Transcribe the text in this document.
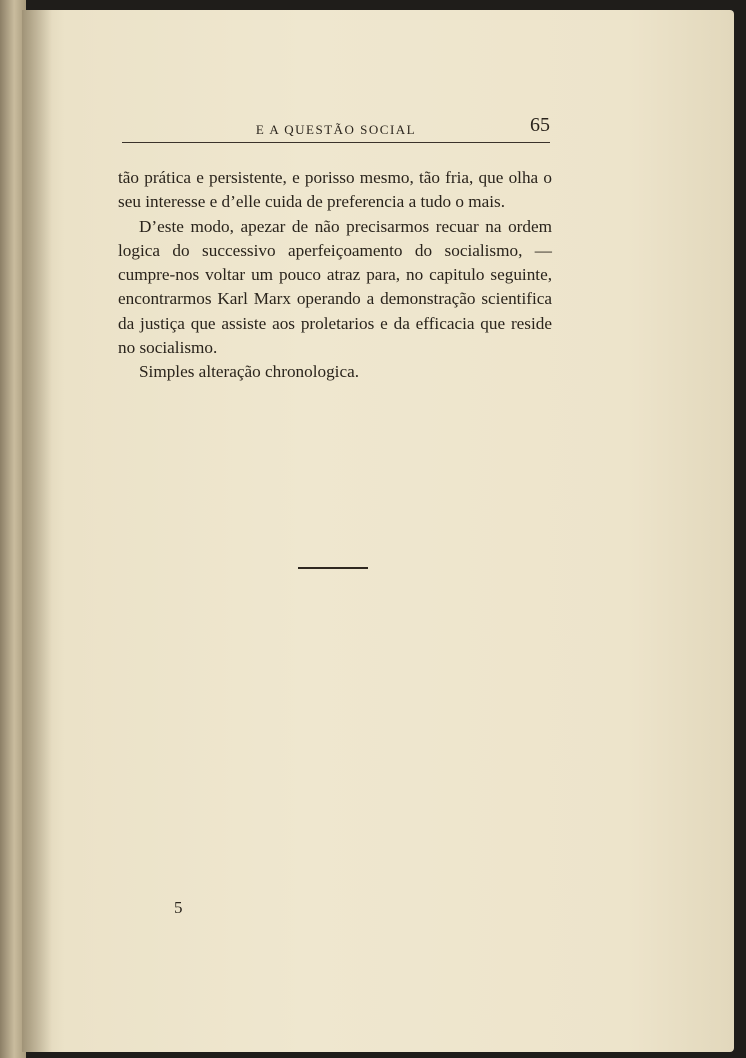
E A QUESTÃO SOCIAL	65

tão prática e persistente, e porisso mesmo, tão fria, que olha o seu interesse e d’elle cuida de preferencia a tudo o mais.

D’este modo, apezar de não precisarmos recuar na ordem logica do successivo aperfeiçoamento do socialismo, — cumpre-nos voltar um pouco atraz para, no capitulo seguinte, encontrarmos Karl Marx operando a demonstração scientifica da justiça que assiste aos proletarios e da efficacia que reside no socialismo.

Simples alteração chronologica.

5
